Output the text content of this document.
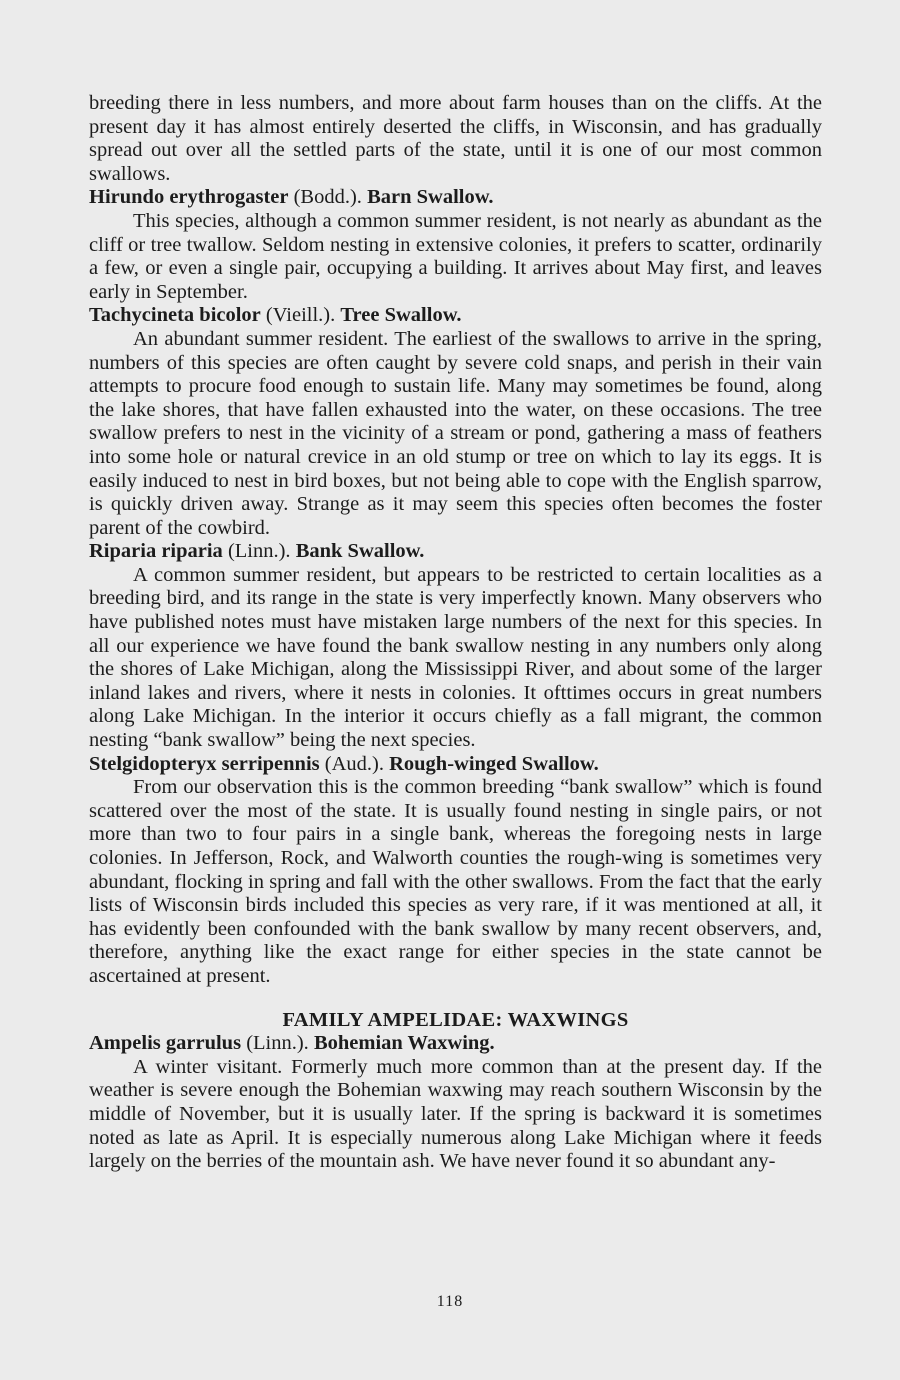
breeding there in less numbers, and more about farm houses than on the cliffs. At the present day it has almost entirely deserted the cliffs, in Wisconsin, and has gradually spread out over all the settled parts of the state, until it is one of our most common swallows.

Hirundo erythrogaster (Bodd.). Barn Swallow.

This species, although a common summer resident, is not nearly as abundant as the cliff or tree twallow. Seldom nesting in extensive colonies, it prefers to scatter, ordinarily a few, or even a single pair, occupying a building. It arrives about May first, and leaves early in September.

Tachycineta bicolor (Vieill.). Tree Swallow.

An abundant summer resident. The earliest of the swallows to arrive in the spring, numbers of this species are often caught by severe cold snaps, and perish in their vain attempts to procure food enough to sustain life. Many may sometimes be found, along the lake shores, that have fallen exhausted into the water, on these occasions. The tree swallow prefers to nest in the vicinity of a stream or pond, gathering a mass of feathers into some hole or natural crevice in an old stump or tree on which to lay its eggs. It is easily induced to nest in bird boxes, but not being able to cope with the English sparrow, is quickly driven away. Strange as it may seem this species often becomes the foster parent of the cowbird.

Riparia riparia (Linn.). Bank Swallow.

A common summer resident, but appears to be restricted to certain localities as a breeding bird, and its range in the state is very imperfectly known. Many observers who have published notes must have mistaken large numbers of the next for this species. In all our experience we have found the bank swallow nesting in any numbers only along the shores of Lake Michigan, along the Mississippi River, and about some of the larger inland lakes and rivers, where it nests in colonies. It ofttimes occurs in great numbers along Lake Michigan. In the interior it occurs chiefly as a fall migrant, the common nesting “bank swallow” being the next species.

Stelgidopteryx serripennis (Aud.). Rough-winged Swallow.

From our observation this is the common breeding “bank swallow” which is found scattered over the most of the state. It is usually found nesting in single pairs, or not more than two to four pairs in a single bank, whereas the foregoing nests in large colonies. In Jefferson, Rock, and Walworth counties the rough-wing is sometimes very abundant, flocking in spring and fall with the other swallows. From the fact that the early lists of Wisconsin birds included this species as very rare, if it was mentioned at all, it has evidently been confounded with the bank swallow by many recent observers, and, therefore, anything like the exact range for either species in the state cannot be ascertained at present.

FAMILY AMPELIDAE: WAXWINGS

Ampelis garrulus (Linn.). Bohemian Waxwing.

A winter visitant. Formerly much more common than at the present day. If the weather is severe enough the Bohemian waxwing may reach southern Wisconsin by the middle of November, but it is usually later. If the spring is backward it is sometimes noted as late as April. It is especially numerous along Lake Michigan where it feeds largely on the berries of the mountain ash. We have never found it so abundant any-

118
